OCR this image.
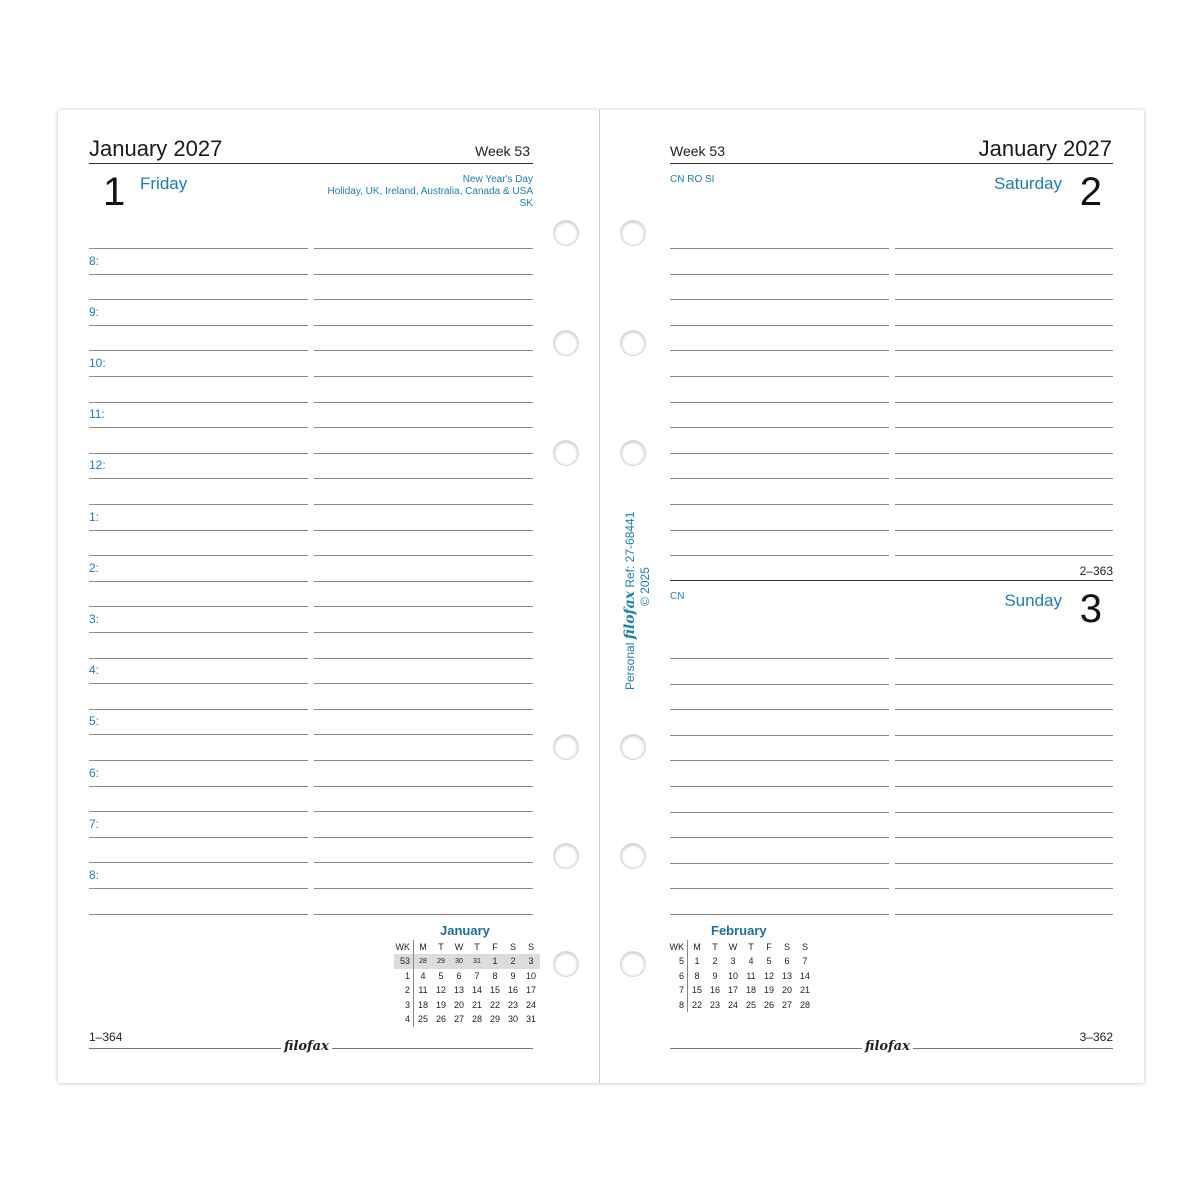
January 2027	Week 53
1 Friday	New Year's Day
Holiday, UK, Ireland, Australia, Canada & USA
SK
8:
9:
10:
11:
12:
1:
2:
3:
4:
5:
6:
7:
8:
January
WK	M	T	W	T	F	S	S
53	28	29	30	31	1	2	3
1	4	5	6	7	8	9	10
2	11	12	13	14	15	16	17
3	18	19	20	21	22	23	24
4	25	26	27	28	29	30	31
1–364
filofax
Personal filofax Ref: 27-68441 © 2025
Week 53	January 2027
CN RO SI	Saturday 2
2–363
CN	Sunday 3
February
WK	M	T	W	T	F	S	S
5	1	2	3	4	5	6	7
6	8	9	10	11	12	13	14
7	15	16	17	18	19	20	21
8	22	23	24	25	26	27	28
3–362
filofax
